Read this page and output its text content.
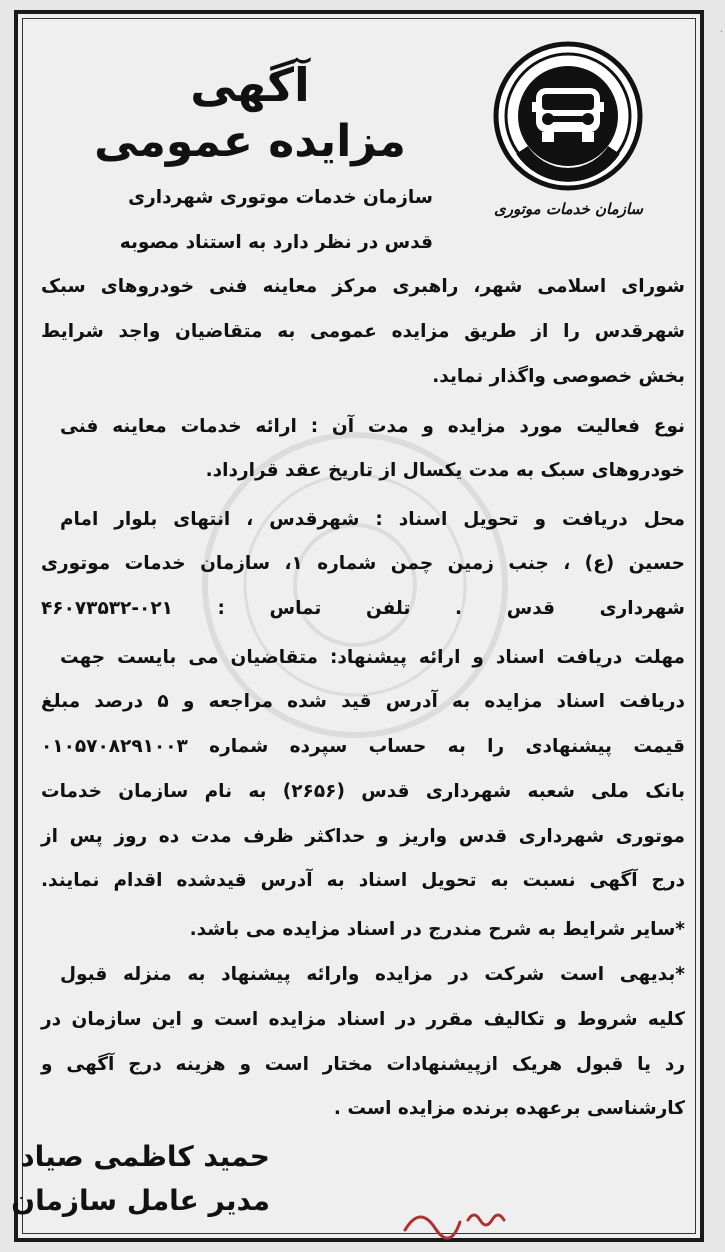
.
سازمان خدمات موتوری
آگهی
مزایده عمومی
سازمان خدمات موتوری شهرداری
قدس در نظر دارد به استناد مصوبه
شورای اسلامی شهر، راهبری مرکز معاینه فنی خودروهای سبک
شهرقدس را از طریق مزایده عمومی به متقاضیان واجد شرایط
بخش خصوصی واگذار نماید.
نوع فعالیت مورد مزایده و مدت آن : ارائه خدمات معاینه فنی
خودروهای سبک به مدت یکسال از تاریخ عقد قرارداد.
محل دریافت و تحویل اسناد : شهرقدس ، انتهای بلوار امام
حسین (ع) ، جنب زمین چمن شماره ۱، سازمان خدمات موتوری
شهرداری قدس . تلفن تماس : ۰۲۱-۴۶۰۷۳۵۳۲
مهلت دریافت اسناد و ارائه پیشنهاد: متقاضیان می بایست جهت
دریافت اسناد مزایده به آدرس قید شده مراجعه و ۵ درصد مبلغ
قیمت پیشنهادی را به حساب سپرده شماره ۰۱۰۵۷۰۸۲۹۱۰۰۳
بانک ملی شعبه شهرداری قدس (۲۶۵۶) به نام سازمان خدمات
موتوری شهرداری قدس واریز و حداکثر ظرف مدت ده روز پس از
درج آگهی نسبت به تحویل اسناد به آدرس قیدشده اقدام نمایند.
*سایر شرایط به شرح مندرج در اسناد مزایده می باشد.
*بدیهی است شرکت در مزایده وارائه پیشنهاد به منزله قبول
کلیه شروط و تکالیف مقرر در اسناد مزایده است و این سازمان در
رد یا قبول هریک ازپیشنهادات مختار است و هزینه درج آگهی و
کارشناسی برعهده برنده مزایده است .
حمید کاظمی صیاد
مدیر عامل سازمان
